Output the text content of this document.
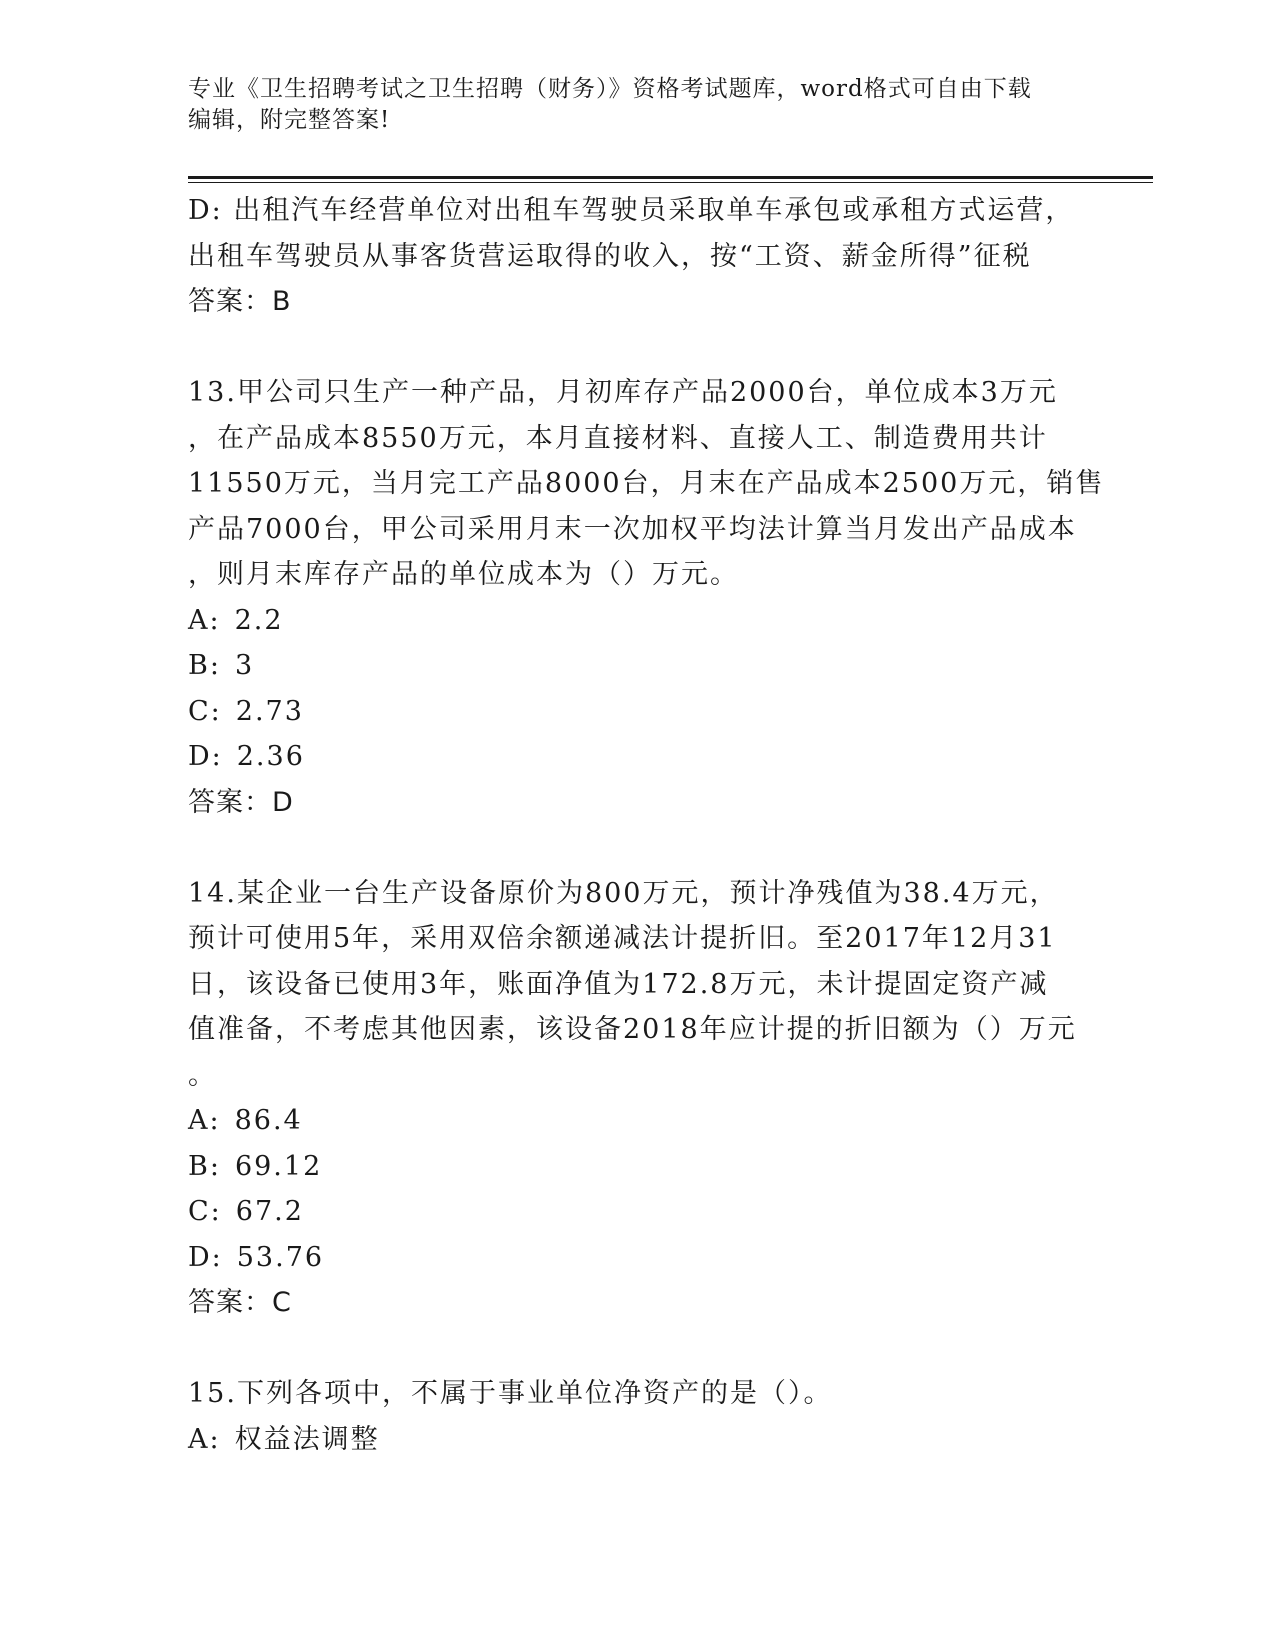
专业《卫生招聘考试之卫生招聘（财务）》资格考试题库，word格式可自由下载
编辑，附完整答案!
D: 出租汽车经营单位对出租车驾驶员采取单车承包或承租方式运营，
出租车驾驶员从事客货营运取得的收入，按“工资、薪金所得”征税
答案：B
13.甲公司只生产一种产品，月初库存产品2000台，单位成本3万元
，在产品成本8550万元，本月直接材料、直接人工、制造费用共计
11550万元，当月完工产品8000台，月末在产品成本2500万元，销售
产品7000台，甲公司采用月末一次加权平均法计算当月发出产品成本
，则月末库存产品的单位成本为（）万元。
A: 2.2
B: 3
C: 2.73
D: 2.36
答案：D
14.某企业一台生产设备原价为800万元，预计净残值为38.4万元，
预计可使用5年，采用双倍余额递减法计提折旧。至2017年12月31
日，该设备已使用3年，账面净值为172.8万元，未计提固定资产减
值准备，不考虑其他因素，该设备2018年应计提的折旧额为（）万元
。
A: 86.4
B: 69.12
C: 67.2
D: 53.76
答案：C
15.下列各项中，不属于事业单位净资产的是（）。
A: 权益法调整
